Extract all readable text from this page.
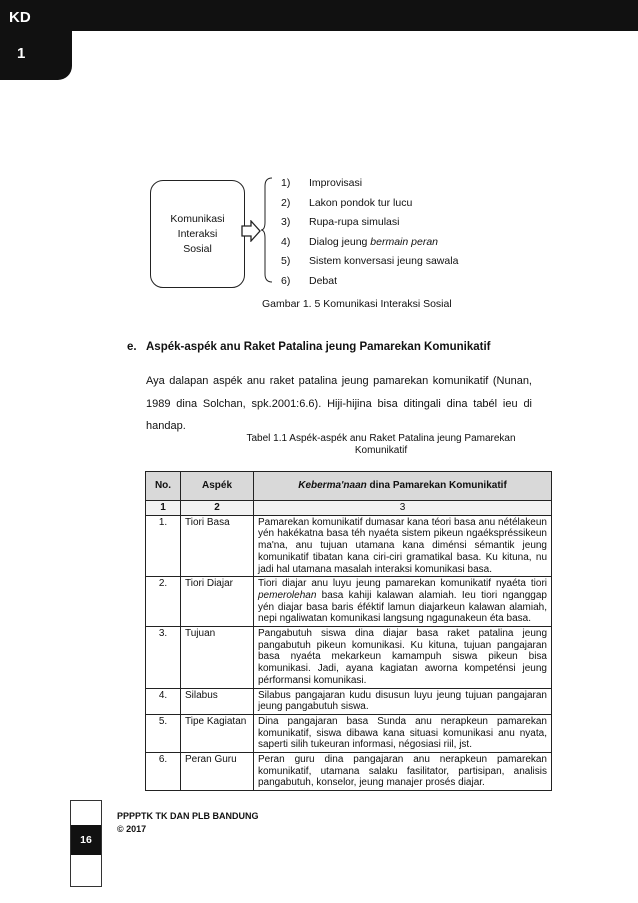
KD
1
Komunikasi
Interaksi
Sosial
1) Improvisasi
2) Lakon pondok tur lucu
3) Rupa-rupa simulasi
4) Dialog jeung bermain peran
5) Sistem konversasi jeung sawala
6) Debat
Gambar 1. 5 Komunikasi Interaksi Sosial
e. Aspék-aspék anu Raket Patalina jeung Pamarekan Komunikatif

Aya dalapan aspék anu raket patalina jeung pamarekan komunikatif (Nunan, 1989 dina Solchan, spk.2001:6.6). Hiji-hijina bisa ditingali dina tabél ieu di handap.

Tabel 1.1 Aspék-aspék anu Raket Patalina jeung Pamarekan
Komunikatif
No.	Aspék	Keberma'naan dina Pamarekan Komunikatif
1	2	3
1.	Tiori Basa	Pamarekan komunikatif dumasar kana téori basa anu nétélakeun yén hakékatna basa téh nyaéta sistem pikeun ngaékspréssikeun ma'na, anu tujuan utamana kana diménsi sémantik jeung komunikatif tibatan kana ciri-ciri gramatikal basa. Ku kituna, nu jadi hal utamana masalah interaksi komunikasi basa.
2.	Tiori Diajar	Tiori diajar anu luyu jeung pamarekan komunikatif nyaéta tiori pemerolehan basa kahiji kalawan alamiah. Ieu tiori nganggap yén diajar basa baris éféktif lamun diajarkeun kalawan alamiah, nepi ngaliwatan komunikasi langsung ngagunakeun éta basa.
3.	Tujuan	Pangabutuh siswa dina diajar basa raket patalina jeung pangabutuh pikeun komunikasi. Ku kituna, tujuan pangajaran basa nyaéta mekarkeun kamampuh siswa pikeun bisa komunikasi. Jadi, ayana kagiatan aworna kompeténsi jeung pérformansi komunikasi.
4.	Silabus	Silabus pangajaran kudu disusun luyu jeung tujuan pangajaran jeung pangabutuh siswa.
5.	Tipe Kagiatan	Dina pangajaran basa Sunda anu nerapkeun pamarekan komunikatif, siswa dibawa kana situasi komunikasi anu nyata, saperti silih tukeuran informasi, négosiasi riil, jst.
6.	Peran Guru	Peran guru dina pangajaran anu nerapkeun pamarekan komunikatif, utamana salaku fasilitator, partisipan, analisis pangabutuh, konselor, jeung manajer prosés diajar.
16
PPPPTK TK DAN PLB BANDUNG
© 2017
